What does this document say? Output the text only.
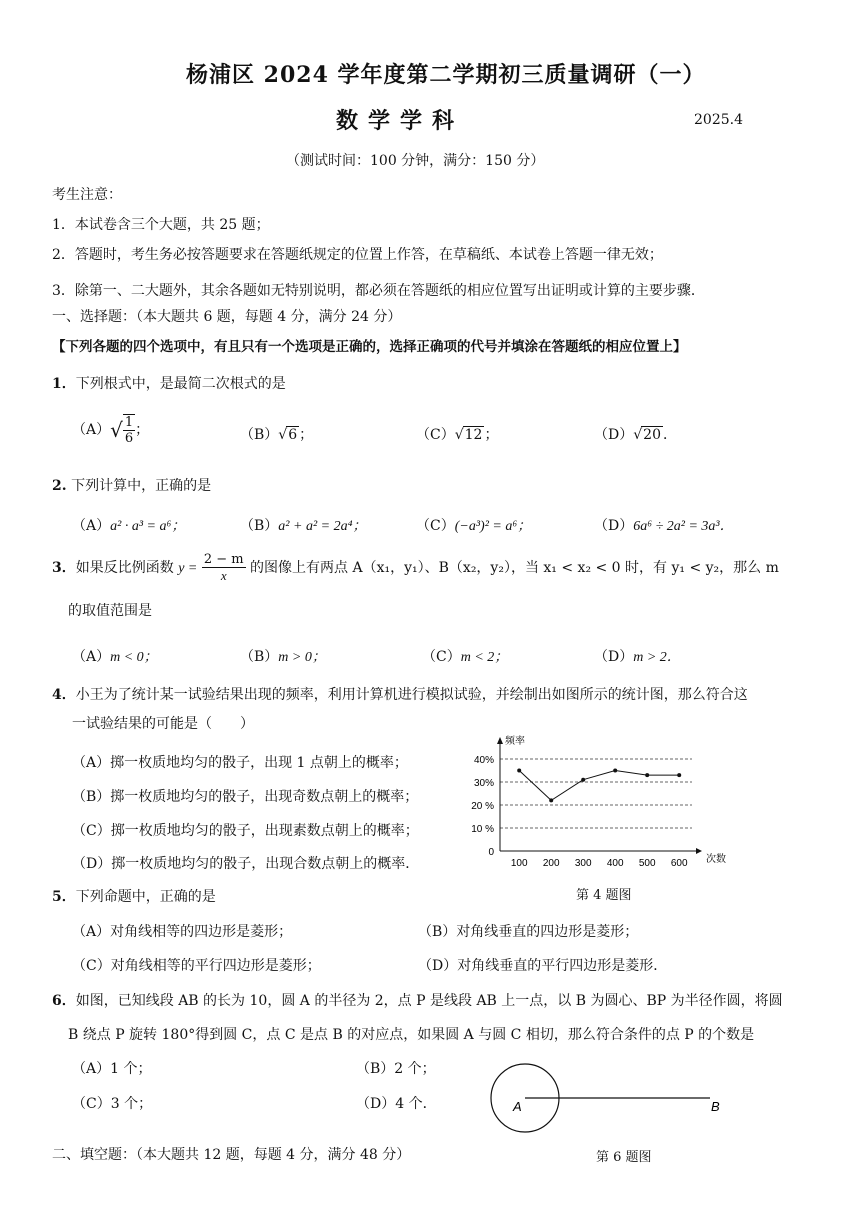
杨浦区 2024 学年度第二学期初三质量调研（一）
数学学科	2025.4
（测试时间：100 分钟，满分：150 分）
考生注意：
1．本试卷含三个大题，共 25 题；
2．答题时，考生务必按答题要求在答题纸规定的位置上作答，在草稿纸、本试卷上答题一律无效；
3．除第一、二大题外，其余各题如无特别说明，都必须在答题纸的相应位置写出证明或计算的主要步骤．
一、选择题：（本大题共 6 题，每题 4 分，满分 24 分）
【下列各题的四个选项中，有且只有一个选项是正确的，选择正确项的代号并填涂在答题纸的相应位置上】
1．下列根式中，是最简二次根式的是
$(A)√ \frac{1}{6}$ ；	（B）√6 ；	（C）√12 ；	（D）√20 ．
2. 下列计算中，正确的是
（A）a² · a³ = a⁶；	（B）a² + a² = 2a⁴；	（C）(−a³)² = a⁶；	（D）6a⁶ ÷ 2a² = 3a³．
3．如果反比例函数 $y = \frac{2 - m}{x}$ 的图像上有两点 A（x₁，y₁）、B（x₂，y₂），当 x₁ < x₂ < 0 时，有 y₁ < y₂，那么 m
的取值范围是
（A）m < 0；	（B）m > 0；	（C）m < 2；	（D）m > 2．
4．小王为了统计某一试验结果出现的频率，利用计算机进行模拟试验，并绘制出如图所示的统计图，那么符合这
一试验结果的可能是（　　）
（A）掷一枚质地均匀的骰子，出现 1 点朝上的概率；
（B）掷一枚质地均匀的骰子，出现奇数点朝上的概率；
（C）掷一枚质地均匀的骰子，出现素数点朝上的概率；
（D）掷一枚质地均匀的骰子，出现合数点朝上的概率．
频率
次数
0
10 %
20 %
30%
40%
100 200 300 400 500 600
第 4 题图
5．下列命题中，正确的是
（A）对角线相等的四边形是菱形；	（B）对角线垂直的四边形是菱形；
（C）对角线相等的平行四边形是菱形；	（D）对角线垂直的平行四边形是菱形．
6．如图，已知线段 AB 的长为 10，圆 A 的半径为 2，点 P 是线段 AB 上一点，以 B 为圆心、BP 为半径作圆，将圆
B 绕点 P 旋转 180°得到圆 C，点 C 是点 B 的对应点，如果圆 A 与圆 C 相切，那么符合条件的点 P 的个数是
（A）1 个；	（B）2 个；
（C）3 个；	（D）4 个．	A	B
第 6 题图
二、填空题：（本大题共 12 题，每题 4 分，满分 48 分）
